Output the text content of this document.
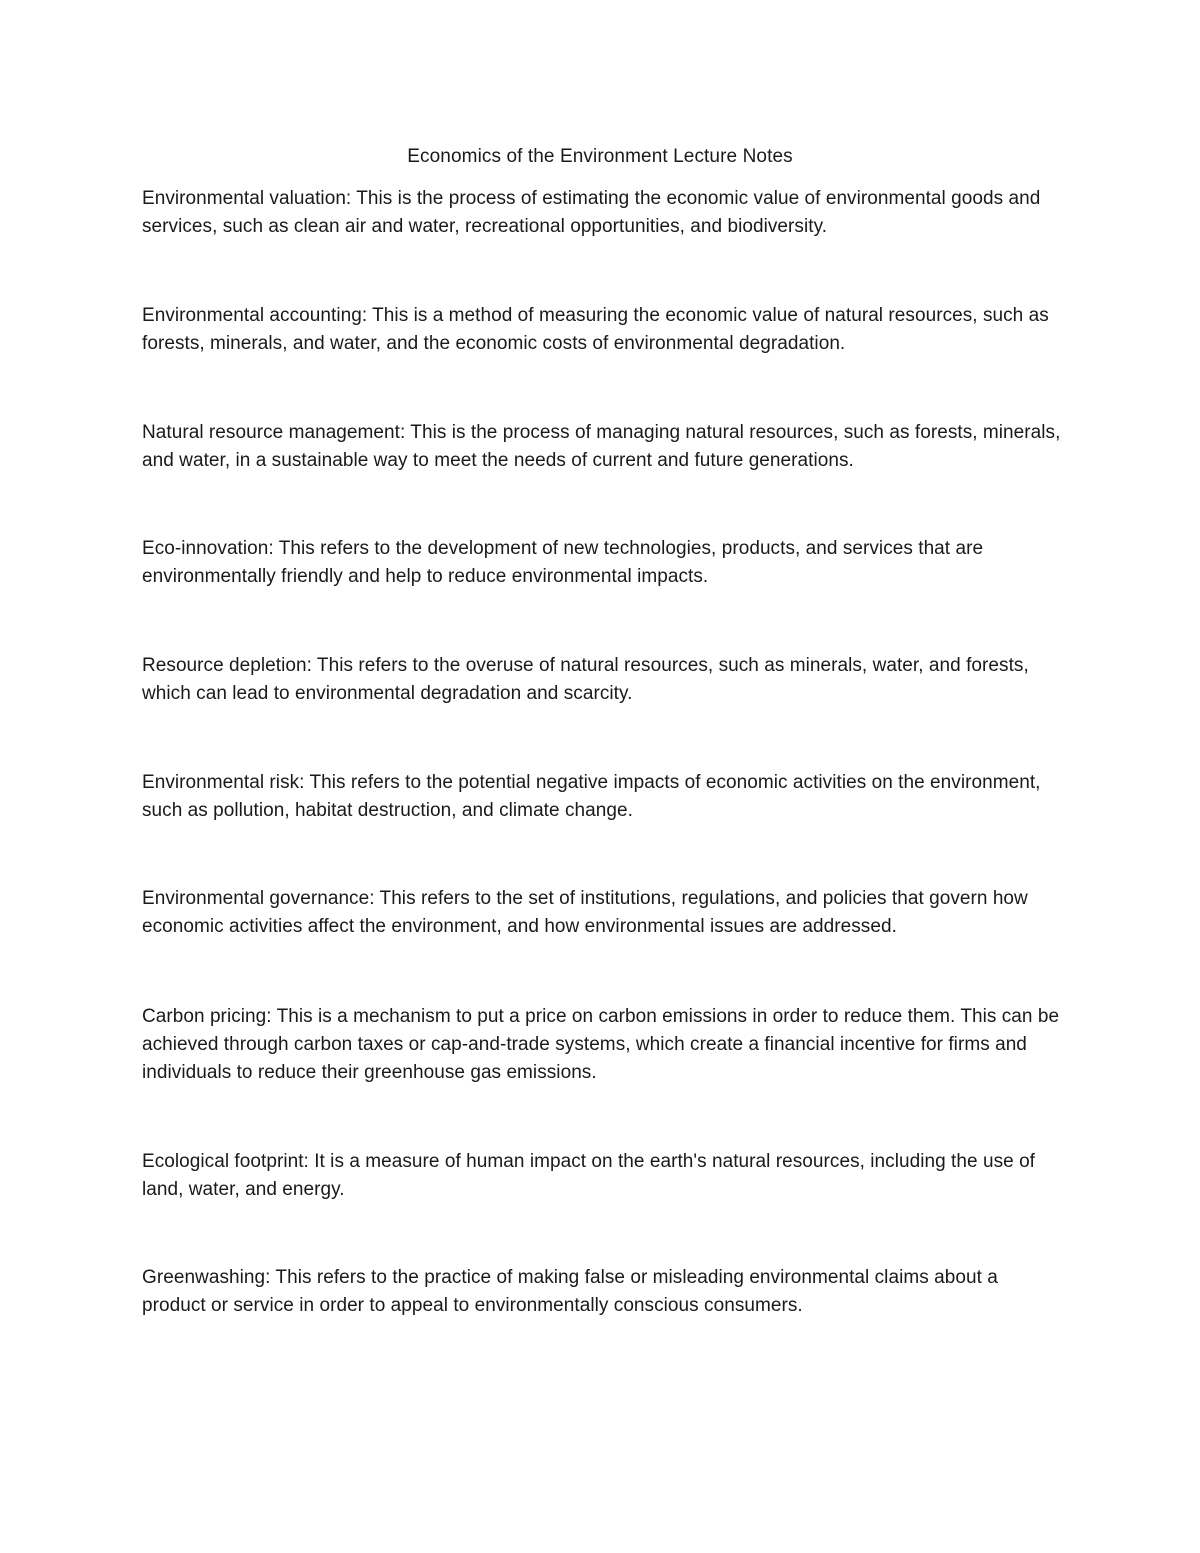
Economics of the Environment Lecture Notes

Environmental valuation: This is the process of estimating the economic value of environmental goods and services, such as clean air and water, recreational opportunities, and biodiversity.

Environmental accounting: This is a method of measuring the economic value of natural resources, such as forests, minerals, and water, and the economic costs of environmental degradation.

Natural resource management: This is the process of managing natural resources, such as forests, minerals, and water, in a sustainable way to meet the needs of current and future generations.

Eco-innovation: This refers to the development of new technologies, products, and services that are environmentally friendly and help to reduce environmental impacts.

Resource depletion: This refers to the overuse of natural resources, such as minerals, water, and forests, which can lead to environmental degradation and scarcity.

Environmental risk: This refers to the potential negative impacts of economic activities on the environment, such as pollution, habitat destruction, and climate change.

Environmental governance: This refers to the set of institutions, regulations, and policies that govern how economic activities affect the environment, and how environmental issues are addressed.

Carbon pricing: This is a mechanism to put a price on carbon emissions in order to reduce them. This can be achieved through carbon taxes or cap-and-trade systems, which create a financial incentive for firms and individuals to reduce their greenhouse gas emissions.

Ecological footprint: It is a measure of human impact on the earth's natural resources, including the use of land, water, and energy.

Greenwashing: This refers to the practice of making false or misleading environmental claims about a product or service in order to appeal to environmentally conscious consumers.
